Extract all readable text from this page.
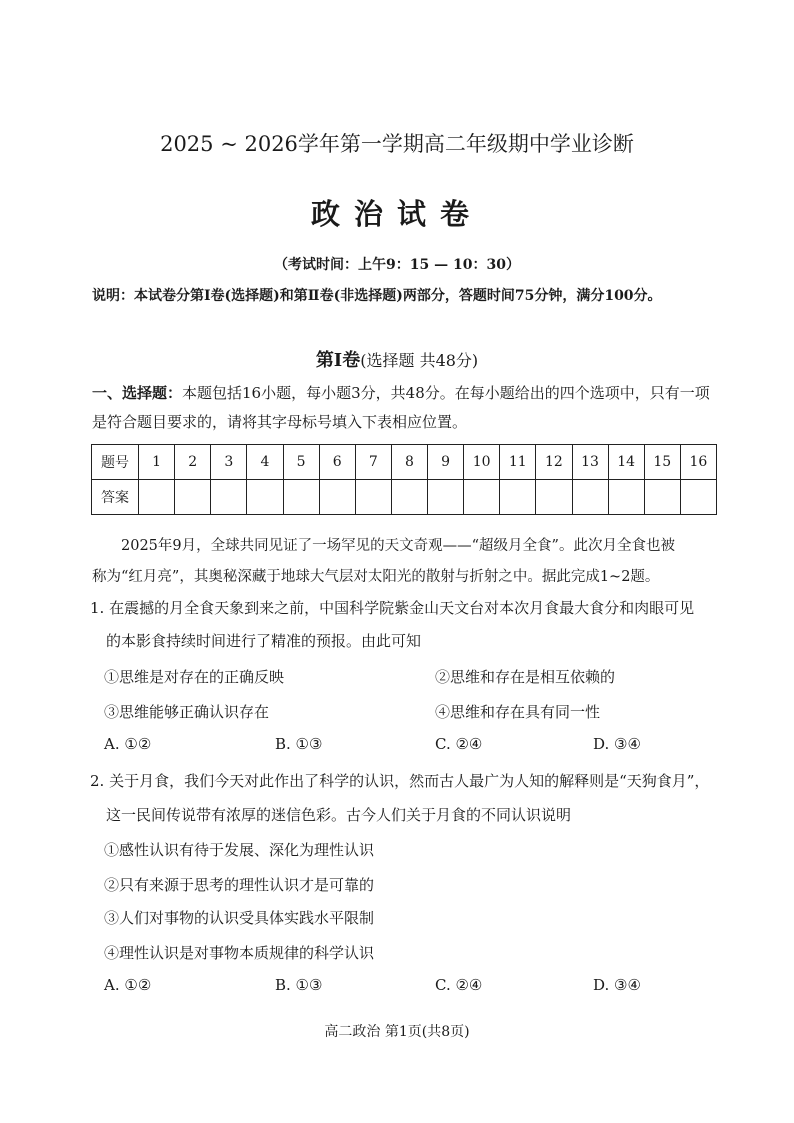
2025 ~ 2026学年第一学期高二年级期中学业诊断
政治试卷
（考试时间：上午9：15 — 10：30）
说明：本试卷分第Ⅰ卷(选择题)和第Ⅱ卷(非选择题)两部分，答题时间75分钟，满分100分。
第Ⅰ卷(选择题 共48分)
一、选择题：本题包括16小题，每小题3分，共48分。在每小题给出的四个选项中，只有一项
是符合题目要求的，请将其字母标号填入下表相应位置。
题号	1	2	3	4	5	6	7	8	9	10	11	12	13	14	15	16
答案																
2025年9月，全球共同见证了一场罕见的天文奇观——“超级月全食”。此次月全食也被
称为“红月亮”，其奥秘深藏于地球大气层对太阳光的散射与折射之中。据此完成1~2题。
1. 在震撼的月全食天象到来之前，中国科学院紫金山天文台对本次月食最大食分和肉眼可见
的本影食持续时间进行了精准的预报。由此可知
①思维是对存在的正确反映	②思维和存在是相互依赖的
③思维能够正确认识存在	④思维和存在具有同一性
A. ①②	B. ①③	C. ②④	D. ③④
2. 关于月食，我们今天对此作出了科学的认识，然而古人最广为人知的解释则是“天狗食月”，
这一民间传说带有浓厚的迷信色彩。古今人们关于月食的不同认识说明
①感性认识有待于发展、深化为理性认识
②只有来源于思考的理性认识才是可靠的
③人们对事物的认识受具体实践水平限制
④理性认识是对事物本质规律的科学认识
A. ①②	B. ①③	C. ②④	D. ③④
高二政治 第1页(共8页)
